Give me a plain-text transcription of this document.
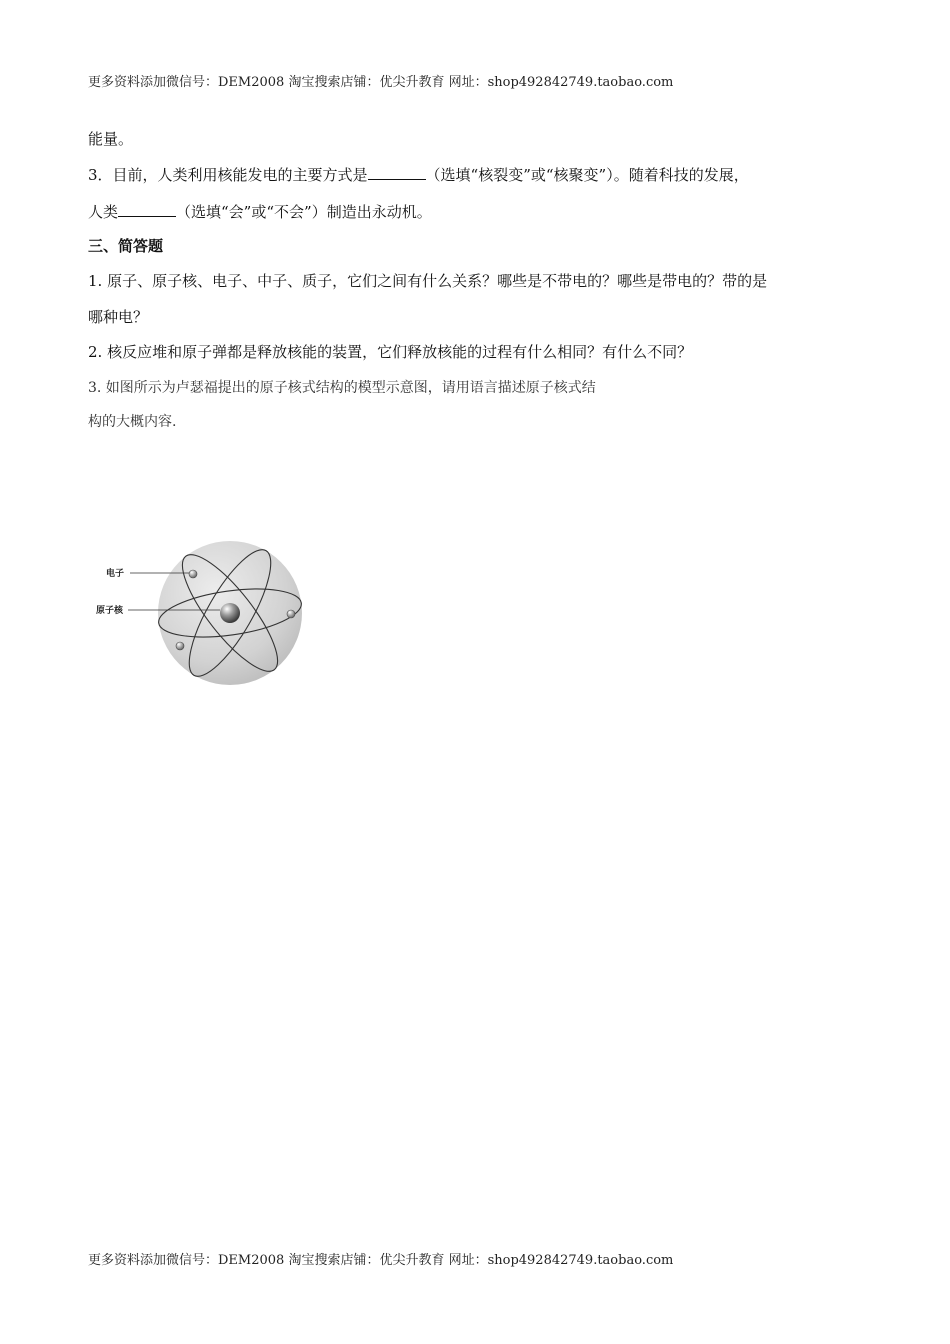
更多资料添加微信号：DEM2008 淘宝搜索店铺：优尖升教育 网址：shop492842749.taobao.com
能量。
3．目前，人类利用核能发电的主要方式是	（选填“核裂变”或“核聚变”）。随着科技的发展，
人类	（选填“会”或“不会”）制造出永动机。
三、简答题
1. 原子、原子核、电子、中子、质子，它们之间有什么关系？哪些是不带电的？哪些是带电的？带的是
哪种电？
2. 核反应堆和原子弹都是释放核能的装置，它们释放核能的过程有什么相同？有什么不同？
3. 如图所示为卢瑟福提出的原子核式结构的模型示意图，请用语言描述原子核式结
构的大概内容.
电子
原子核
更多资料添加微信号：DEM2008 淘宝搜索店铺：优尖升教育 网址：shop492842749.taobao.com
